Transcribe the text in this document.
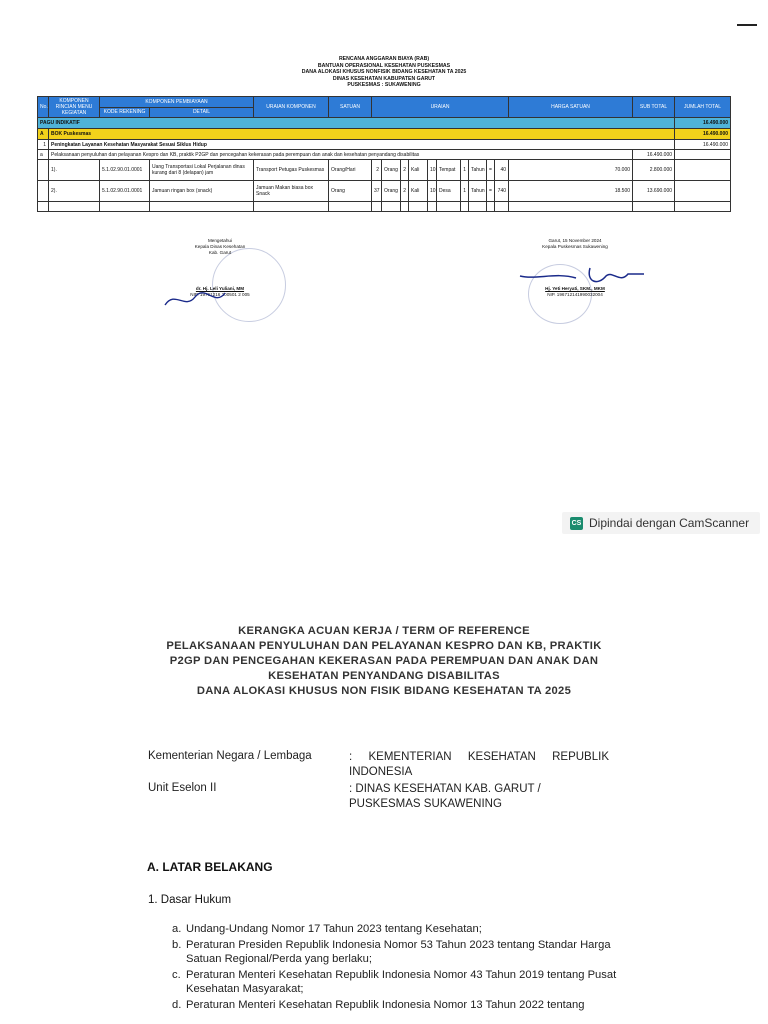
RENCANA ANGGARAN BIAYA (RAB)
BANTUAN OPERASIONAL KESEHATAN PUSKESMAS
DANA ALOKASI KHUSUS NONFISIK BIDANG KESEHATAN TA 2025
DINAS KESEHATAN KABUPATEN GARUT
PUSKESMAS : SUKAWENING
No.	KOMPONEN RINCIAN MENU KEGIATAN	KOMPONEN PEMBIAYAAN		URAIAN KOMPONEN	SATUAN	URAIAN										HARGA SATUAN	SUB TOTAL	JUMLAH TOTAL
		KODE REKENING	DETAIL															
PAGU INDIKATIF																		16.490.000
A	BOK Puskesmas																	16.490.000
1	Peningkatan Layanan Kesehatan Masyarakat Sesuai Siklus Hidup																	16.490.000
a	Pelaksanaan penyuluhan dan pelayanan Kespro dan KB, praktik P2GP dan pencegahan kekerasan pada perempuan dan anak dan kesehatan penyandang disabilitas																16.490.000	
	1).	5.1.02.90.01.0001	Uang Transportasi Lokal Perjalanan dinas kurang dari 8 (delapan) jam	Transport Petugas Puskesmas	Orang/Hari	2	Orang	2	Kali	10	Tempat	1	Tahun	=	40	70.000	2.800.000	
	2).	5.1.02.90.01.0001	Jamuan ringan box (snack)	Jamuan Makan biasa box Snack	Orang	37	Orang	2	Kali	10	Desa	1	Tahun	=	740	18.500	13.690.000	

Mengetahui
Kepala Dinas Kesehatan
Kab. Garut
dr. Hj. Leli Yuliani, MM
NIP. 19761216 200501 2 005
Garut, 15 November 2024
Kepala Puskesmas Sukawening
Hj. Yeti Heryati, SKM., MKM
NIP. 196712141990032004
CS Dipindai dengan CamScanner
KERANGKA ACUAN KERJA / TERM OF REFERENCE
PELAKSANAAN PENYULUHAN DAN PELAYANAN KESPRO DAN KB, PRAKTIK
P2GP DAN PENCEGAHAN KEKERASAN PADA PEREMPUAN DAN ANAK DAN
KESEHATAN PENYANDANG DISABILITAS
DANA ALOKASI KHUSUS NON FISIK BIDANG KESEHATAN TA 2025
Kementerian Negara / Lembaga	: KEMENTERIAN KESEHATAN REPUBLIK INDONESIA
Unit Eselon II	: DINAS KESEHATAN KAB. GARUT / PUSKESMAS SUKAWENING
A. LATAR BELAKANG
1. Dasar Hukum
a. Undang-Undang Nomor 17 Tahun 2023 tentang Kesehatan;
b. Peraturan Presiden Republik Indonesia Nomor 53 Tahun 2023 tentang Standar Harga Satuan Regional/Perda yang berlaku;
c. Peraturan Menteri Kesehatan Republik Indonesia Nomor 43 Tahun 2019 tentang Pusat Kesehatan Masyarakat;
d. Peraturan Menteri Kesehatan Republik Indonesia Nomor 13 Tahun 2022 tentang
